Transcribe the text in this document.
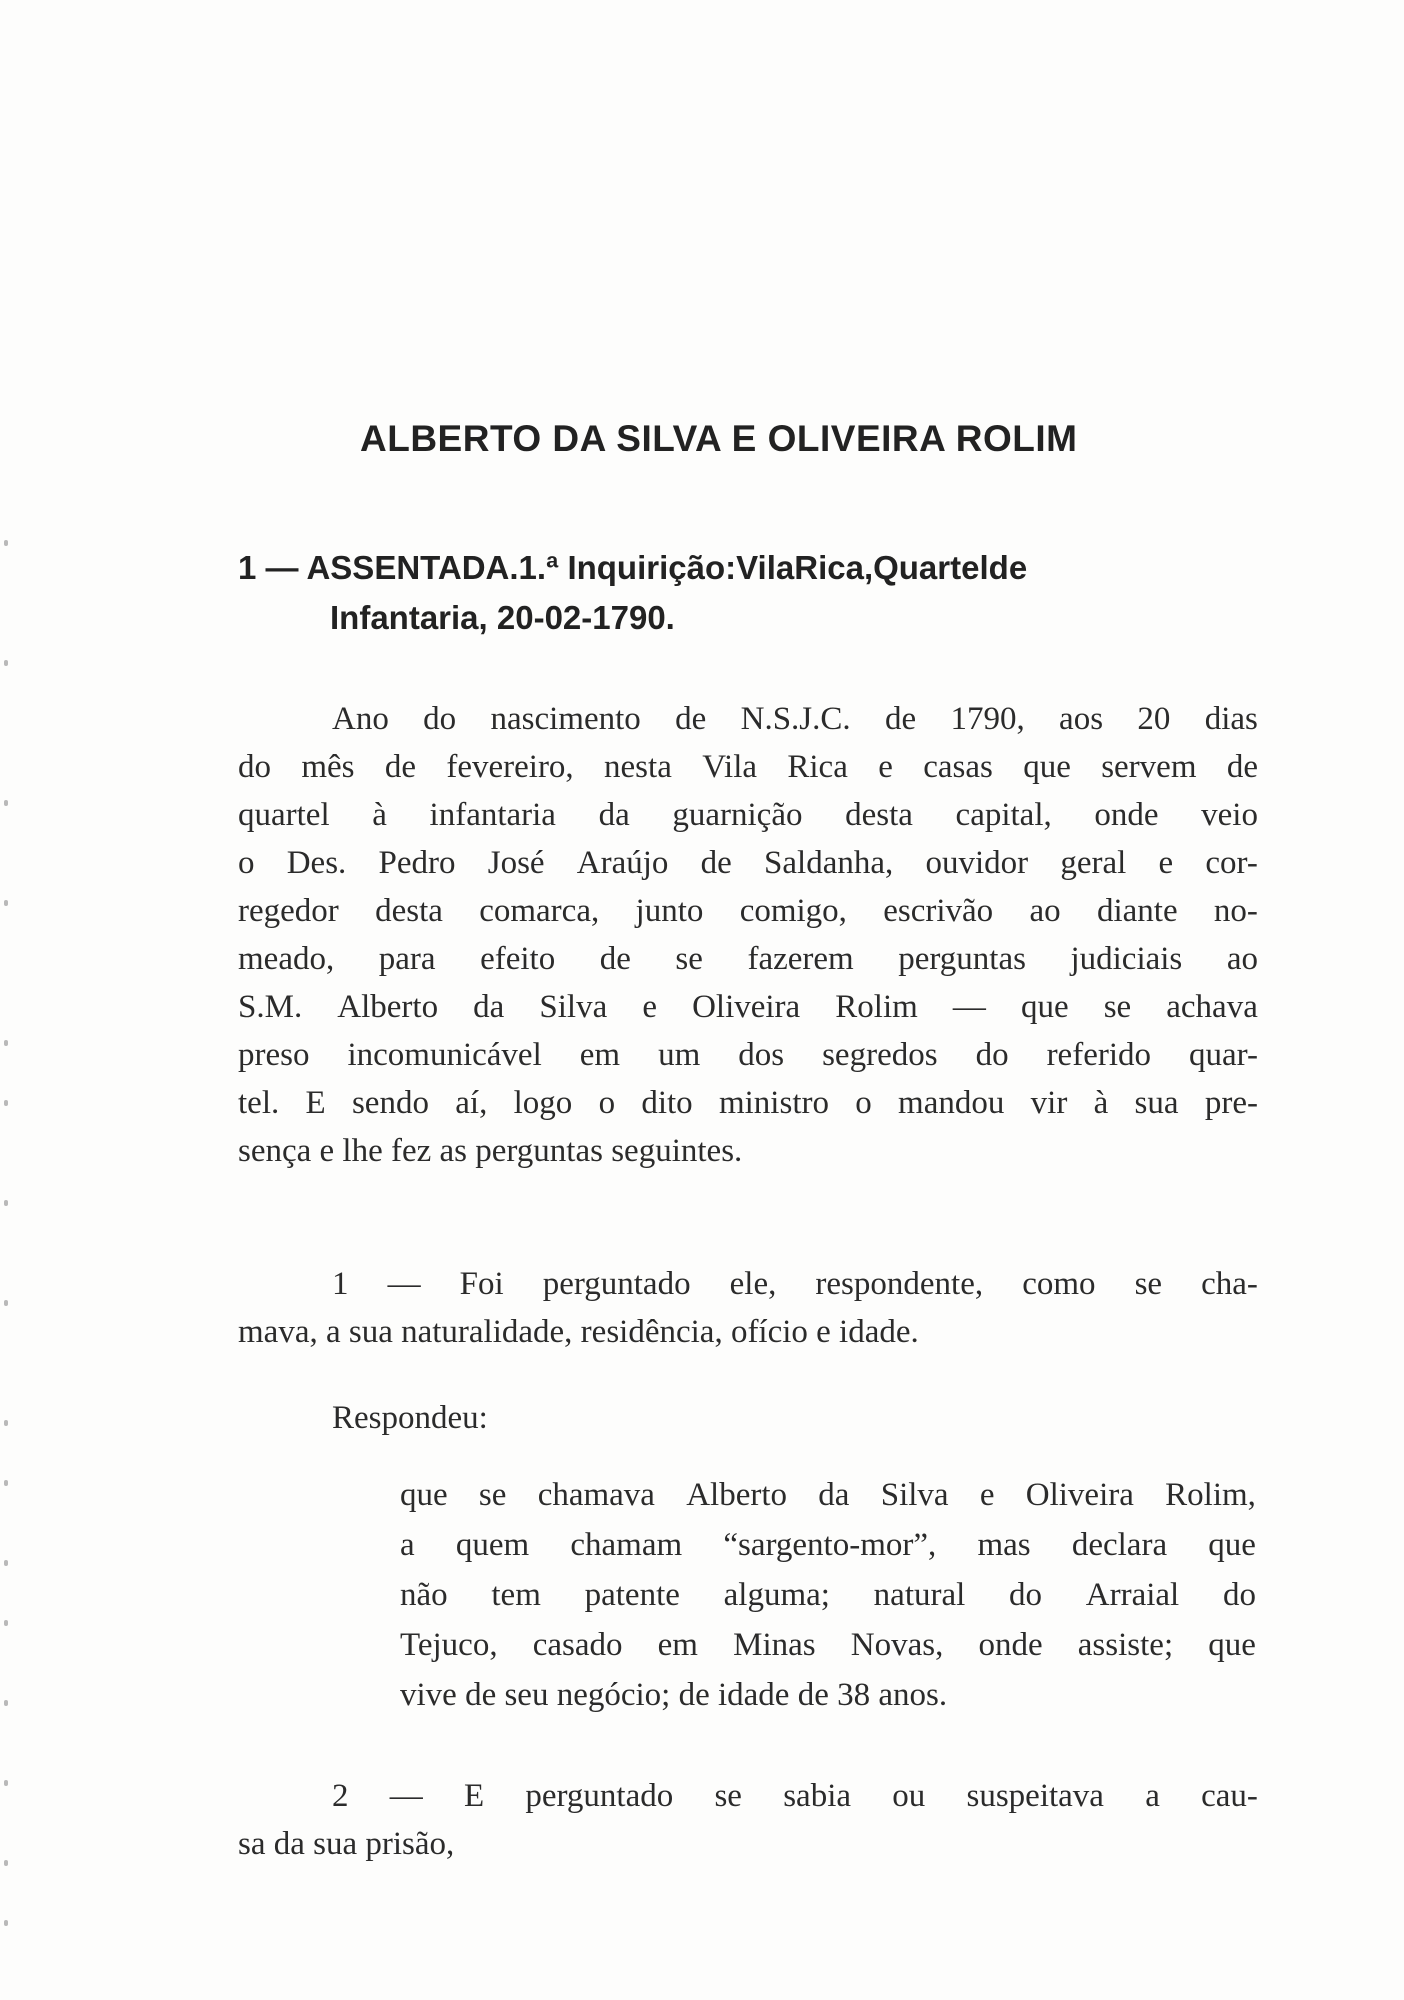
ALBERTO DA SILVA E OLIVEIRA ROLIM
1 — ASSENTADA.1.ª Inquirição:VilaRica,Quartelde
Infantaria, 20-02-1790.
Ano do nascimento de N.S.J.C. de 1790, aos 20 dias
do mês de fevereiro, nesta Vila Rica e casas que servem de
quartel à infantaria da guarnição desta capital, onde veio
o Des. Pedro José Araújo de Saldanha, ouvidor geral e cor-
regedor desta comarca, junto comigo, escrivão ao diante no-
meado, para efeito de se fazerem perguntas judiciais ao
S.M. Alberto da Silva e Oliveira Rolim — que se achava
preso incomunicável em um dos segredos do referido quar-
tel. E sendo aí, logo o dito ministro o mandou vir à sua pre-
sença e lhe fez as perguntas seguintes.
1 — Foi perguntado ele, respondente, como se cha-
mava, a sua naturalidade, residência, ofício e idade.
Respondeu:
que se chamava Alberto da Silva e Oliveira Rolim,
a quem chamam “sargento-mor”, mas declara que
não tem patente alguma; natural do Arraial do
Tejuco, casado em Minas Novas, onde assiste; que
vive de seu negócio; de idade de 38 anos.
2 — E perguntado se sabia ou suspeitava a cau-
sa da sua prisão,
